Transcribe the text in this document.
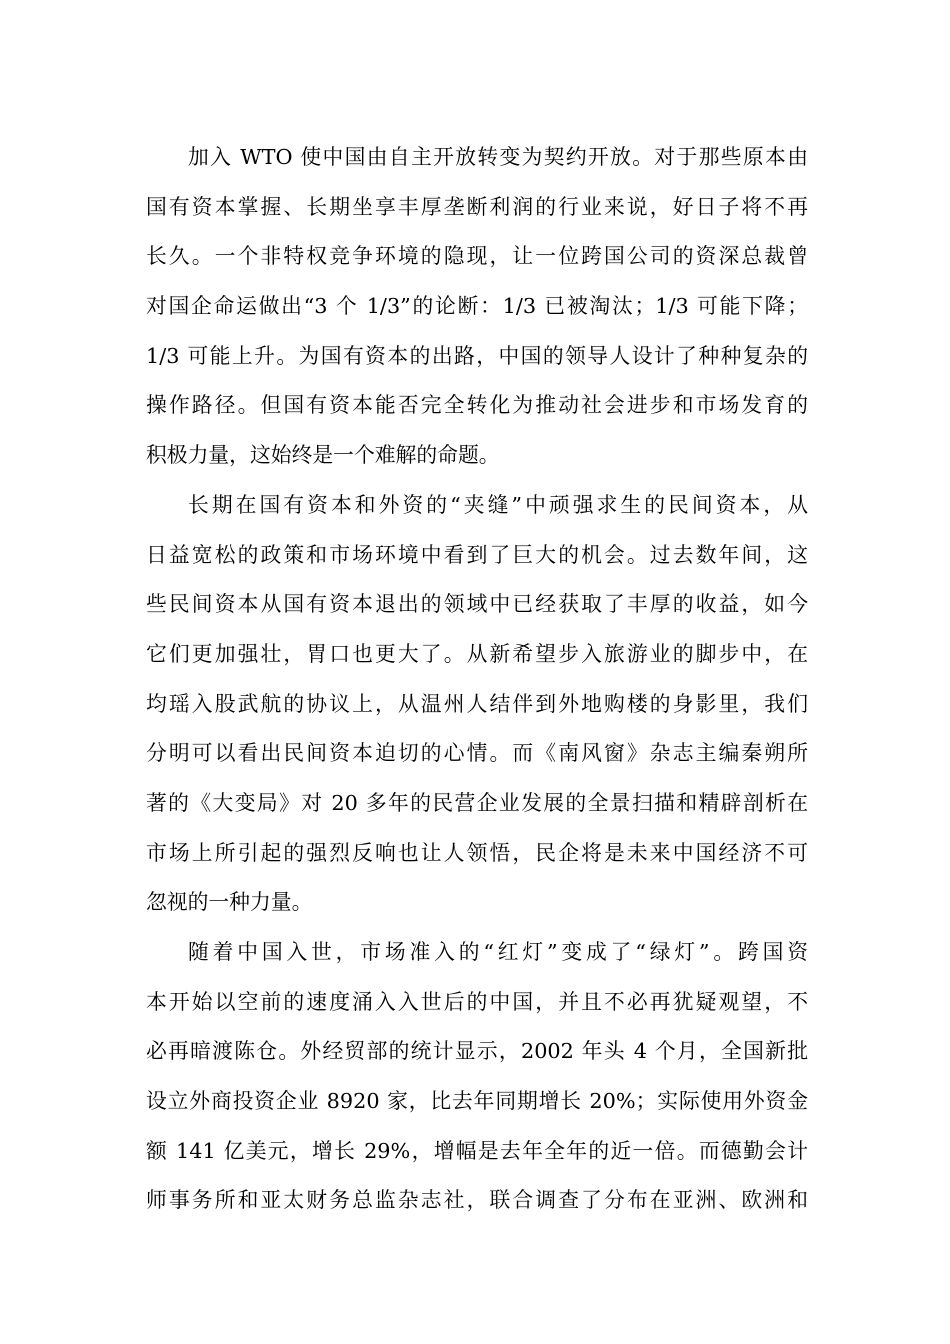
加入 WTO 使中国由自主开放转变为契约开放。对于那些原本由
国有资本掌握、长期坐享丰厚垄断利润的行业来说，好日子将不再
长久。一个非特权竞争环境的隐现，让一位跨国公司的资深总裁曾
对国企命运做出“3 个 1/3”的论断：1/3 已被淘汰；1/3 可能下降；
1/3 可能上升。为国有资本的出路，中国的领导人设计了种种复杂的
操作路径。但国有资本能否完全转化为推动社会进步和市场发育的
积极力量，这始终是一个难解的命题。
长期在国有资本和外资的“夹缝”中顽强求生的民间资本，从
日益宽松的政策和市场环境中看到了巨大的机会。过去数年间，这
些民间资本从国有资本退出的领域中已经获取了丰厚的收益，如今
它们更加强壮，胃口也更大了。从新希望步入旅游业的脚步中，在
均瑶入股武航的协议上，从温州人结伴到外地购楼的身影里，我们
分明可以看出民间资本迫切的心情。而《南风窗》杂志主编秦朔所
著的《大变局》对 20 多年的民营企业发展的全景扫描和精辟剖析在
市场上所引起的强烈反响也让人领悟，民企将是未来中国经济不可
忽视的一种力量。
随着中国入世，市场准入的“红灯”变成了“绿灯”。跨国资
本开始以空前的速度涌入入世后的中国，并且不必再犹疑观望，不
必再暗渡陈仓。外经贸部的统计显示，2002 年头 4 个月，全国新批
设立外商投资企业 8920 家，比去年同期增长 20%；实际使用外资金
额 141 亿美元，增长 29%，增幅是去年全年的近一倍。而德勤会计
师事务所和亚太财务总监杂志社，联合调查了分布在亚洲、欧洲和
